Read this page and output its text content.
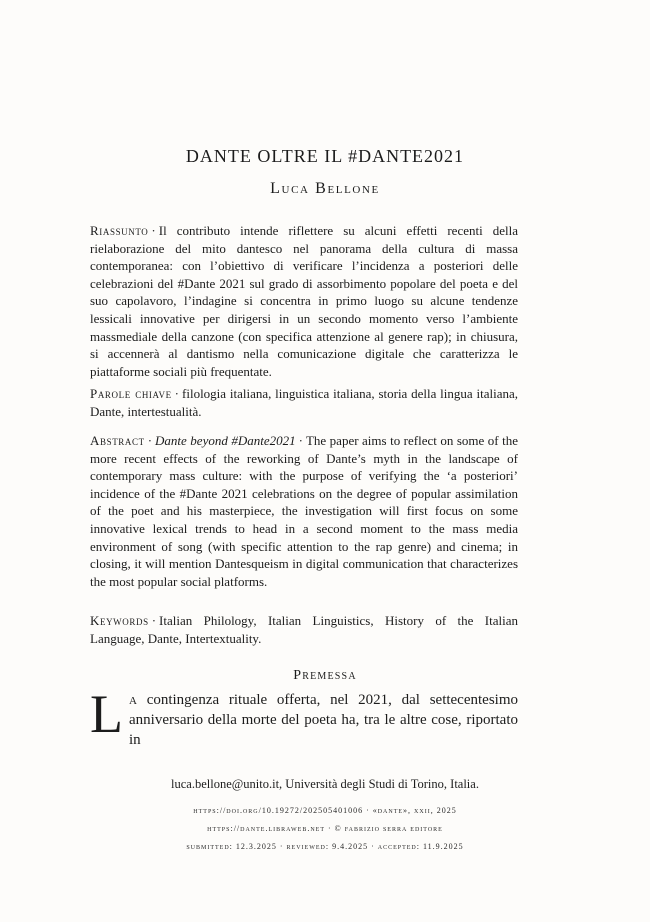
DANTE OLTRE IL #DANTE2021
Luca Bellone
Riassunto · Il contributo intende riflettere su alcuni effetti recenti della rielaborazione del mito dantesco nel panorama della cultura di massa contemporanea: con l’obiettivo di verificare l’incidenza a posteriori delle celebrazioni del #Dante 2021 sul grado di assorbimento popolare del poeta e del suo capolavoro, l’indagine si concentra in primo luogo su alcune tendenze lessicali innovative per dirigersi in un secondo momento verso l’ambiente massmediale della canzone (con specifica attenzione al genere rap); in chiusura, si accennerà al dantismo nella comunicazione digitale che caratterizza le piattaforme sociali più frequentate.
Parole chiave · filologia italiana, linguistica italiana, storia della lingua italiana, Dante, intertestualità.
Abstract · Dante beyond #Dante2021 · The paper aims to reflect on some of the more recent effects of the reworking of Dante’s myth in the landscape of contemporary mass culture: with the purpose of verifying the ‘a posteriori’ incidence of the #Dante 2021 celebrations on the degree of popular assimilation of the poet and his masterpiece, the investigation will first focus on some innovative lexical trends to head in a second moment to the mass media environment of song (with specific attention to the rap genre) and cinema; in closing, it will mention Dantesqueism in digital communication that characterizes the most popular social platforms.
Keywords · Italian Philology, Italian Linguistics, History of the Italian Language, Dante, Intertextuality.
Premessa
L a contingenza rituale offerta, nel 2021, dal settecentesimo anniversario della morte del poeta ha, tra le altre cose, riportato in
luca.bellone@unito.it, Università degli Studi di Torino, Italia.
https://doi.org/10.19272/202505401006 · «dante», xxii, 2025
https://dante.libraweb.net · © fabrizio serra editore
submitted: 12.3.2025 · reviewed: 9.4.2025 · accepted: 11.9.2025
